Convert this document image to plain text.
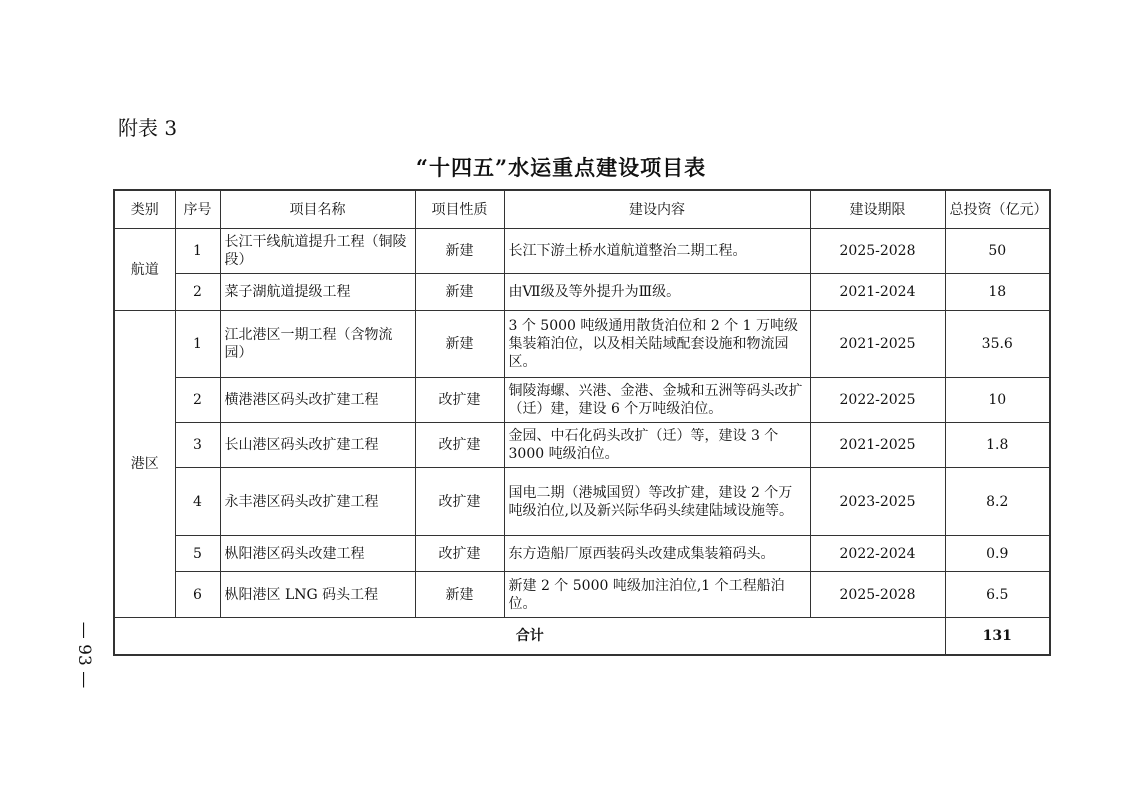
附表 3
“十四五”水运重点建设项目表
— 93 —
类别	序号	项目名称	项目性质	建设内容	建设期限	总投资（亿元）
航道	1	长江干线航道提升工程（铜陵段）	新建	长江下游土桥水道航道整治二期工程。	2025-2028	50
	2	菜子湖航道提级工程	新建	由Ⅶ级及等外提升为Ⅲ级。	2021-2024	18
港区	1	江北港区一期工程（含物流园）	新建	3 个 5000 吨级通用散货泊位和 2 个 1 万吨级集装箱泊位，以及相关陆域配套设施和物流园区。	2021-2025	35.6
	2	横港港区码头改扩建工程	改扩建	铜陵海螺、兴港、金港、金城和五洲等码头改扩（迁）建，建设 6 个万吨级泊位。	2022-2025	10
	3	长山港区码头改扩建工程	改扩建	金园、中石化码头改扩（迁）等，建设 3 个 3000 吨级泊位。	2021-2025	1.8
	4	永丰港区码头改扩建工程	改扩建	国电二期（港城国贸）等改扩建，建设 2 个万吨级泊位,以及新兴际华码头续建陆域设施等。	2023-2025	8.2
	5	枞阳港区码头改建工程	改扩建	东方造船厂原西装码头改建成集装箱码头。	2022-2024	0.9
	6	枞阳港区 LNG 码头工程	新建	新建 2 个 5000 吨级加注泊位,1 个工程船泊位。	2025-2028	6.5
合计						131
